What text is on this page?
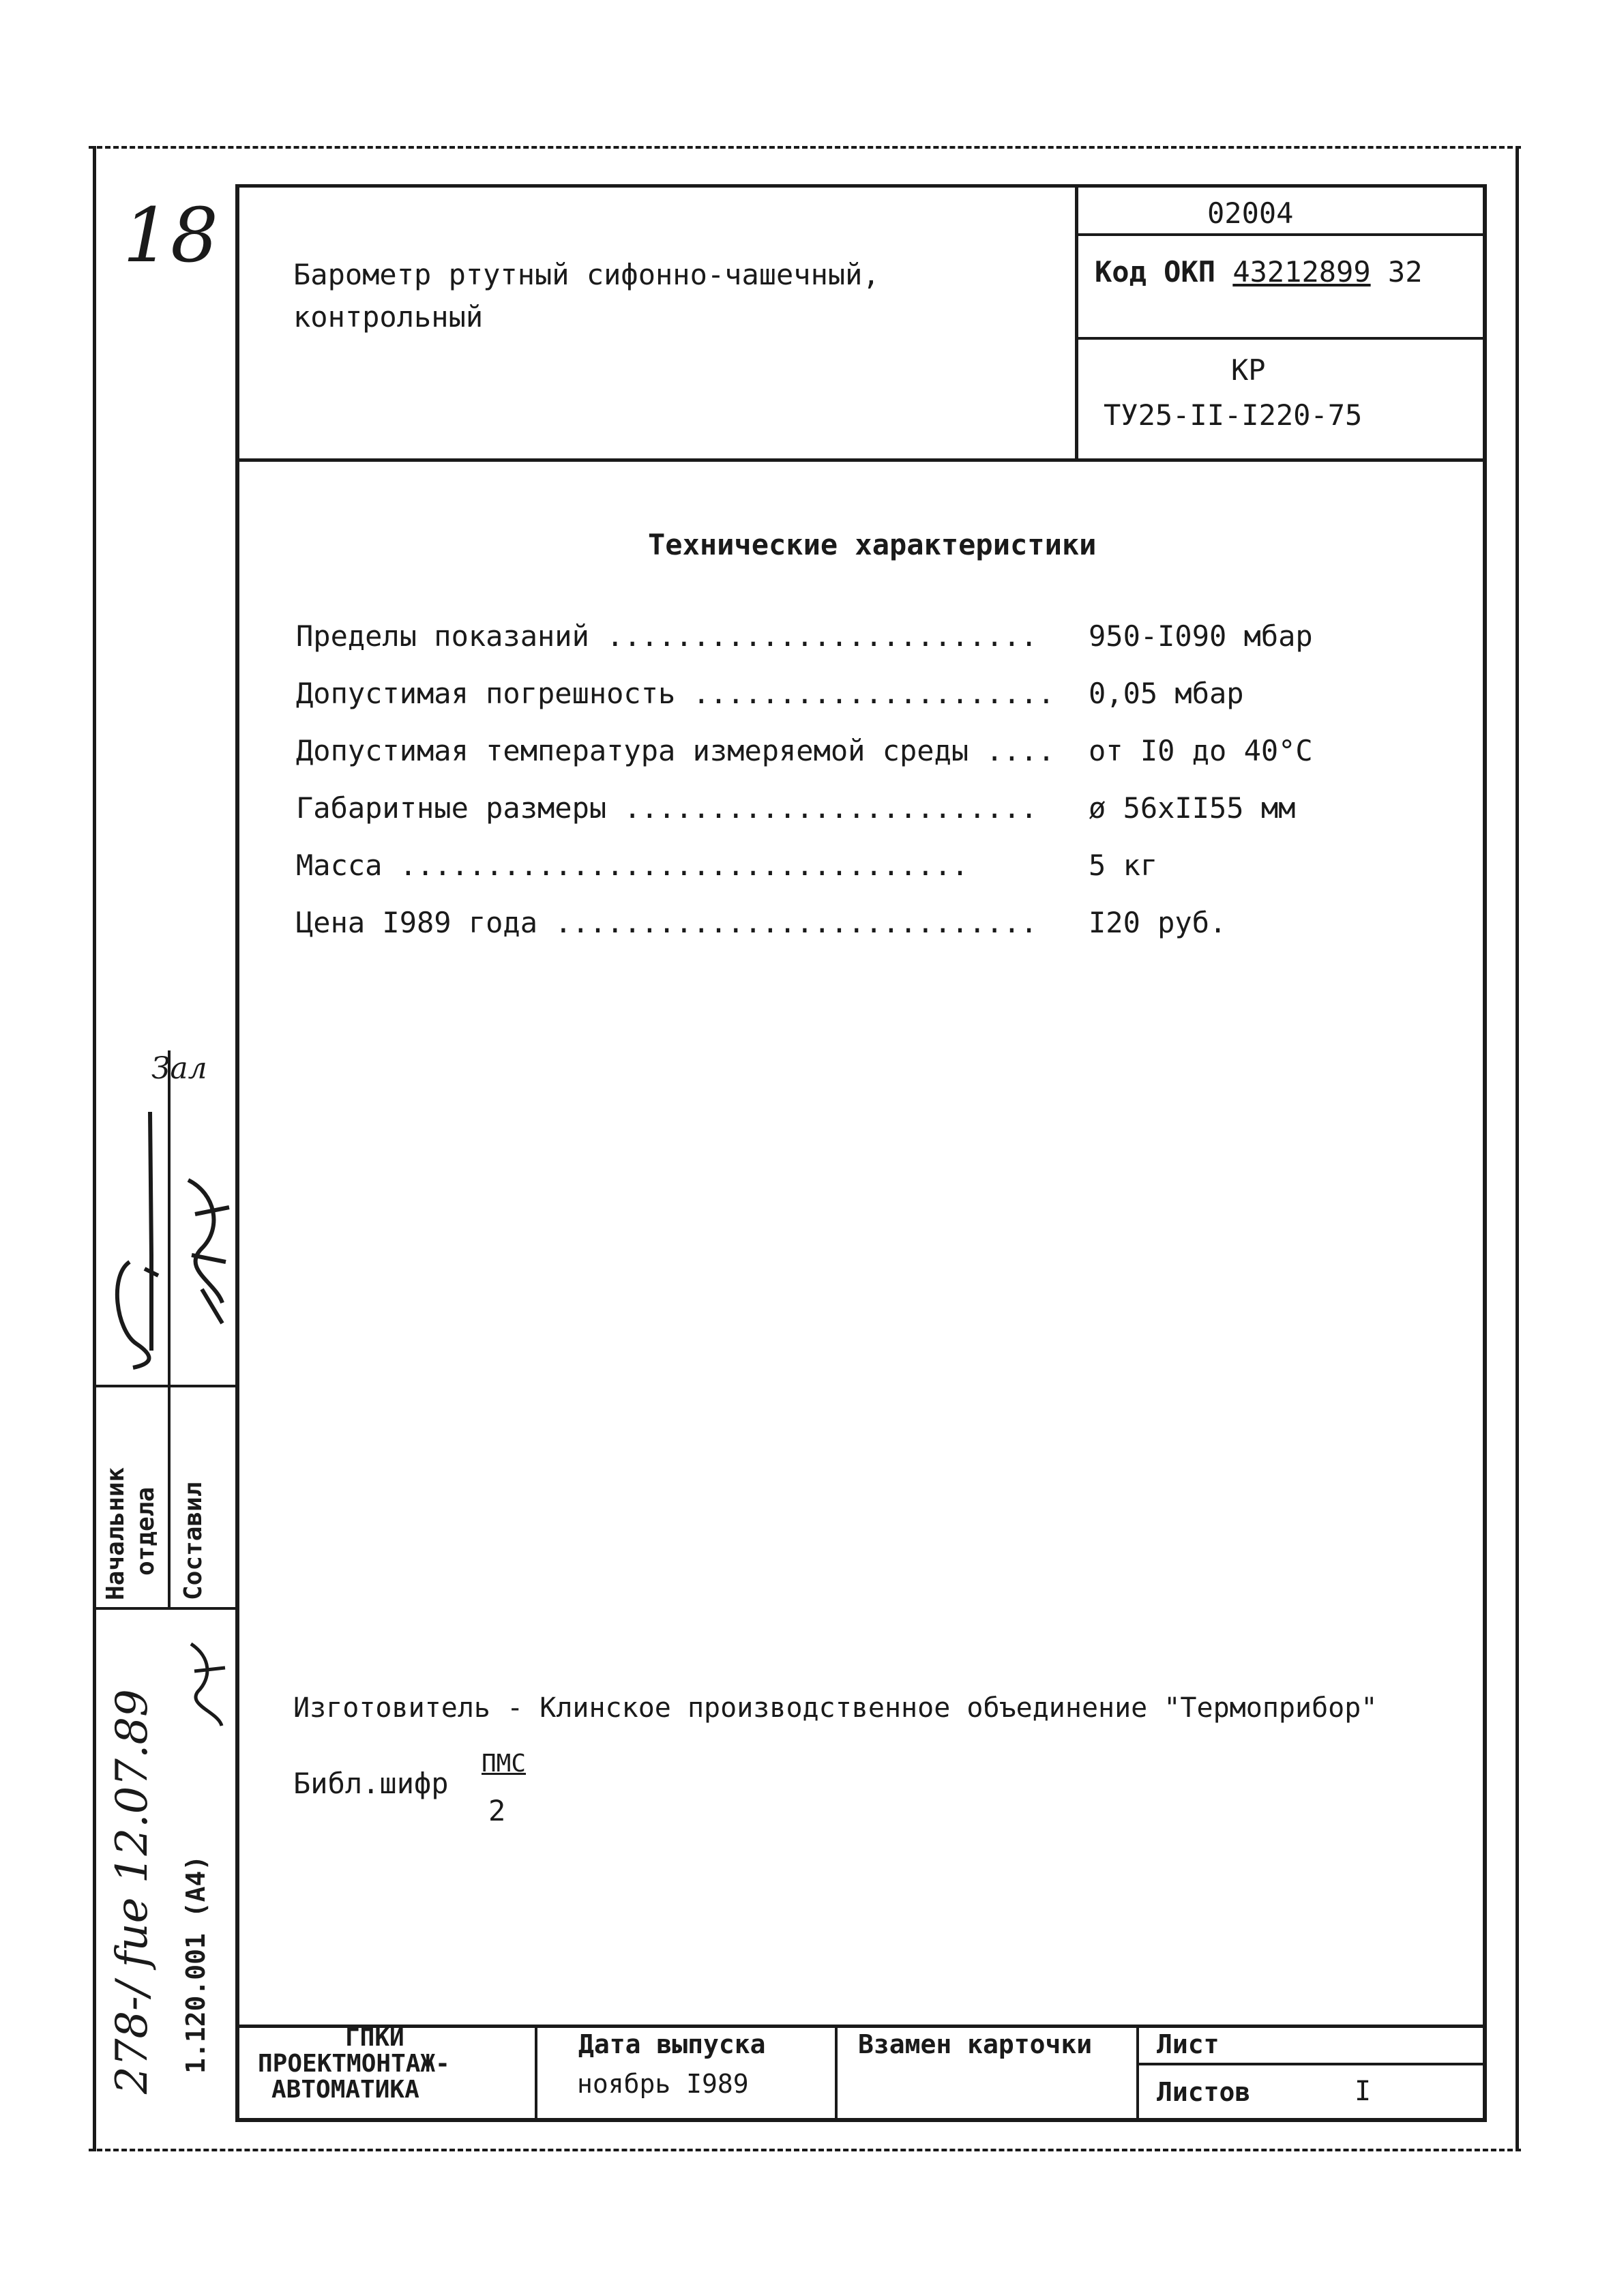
18	Барометр ртутный сифонно-чашечный,
контрольный
02004
Код ОКП 43212899 32
КР
ТУ25-II-I220-75
Технические характеристики
Пределы показаний ......................... 950-I090 мбар
Допустимая погрешность ..................... 0,05 мбар
Допустимая температура измеряемой среды .... от I0 до 40°С
Габаритные размеры ........................ ø 56хII55 мм
Масса .................................	5 кг
Цена I989 года ............................ I20 руб.
Изготовитель - Клинское производственное объединение "Термоприбор"
Библ.шифр
ПМС
2
Начальник отдела Составил
1.120.001 (A4)
278-/ fue 12.07.89
Зал
ГПКИ
ПРОЕКТМОНТАЖ-
АВТОМАТИКА
Дата выпуска
ноябрь I989
Взамен карточки Лист
Листов	I
